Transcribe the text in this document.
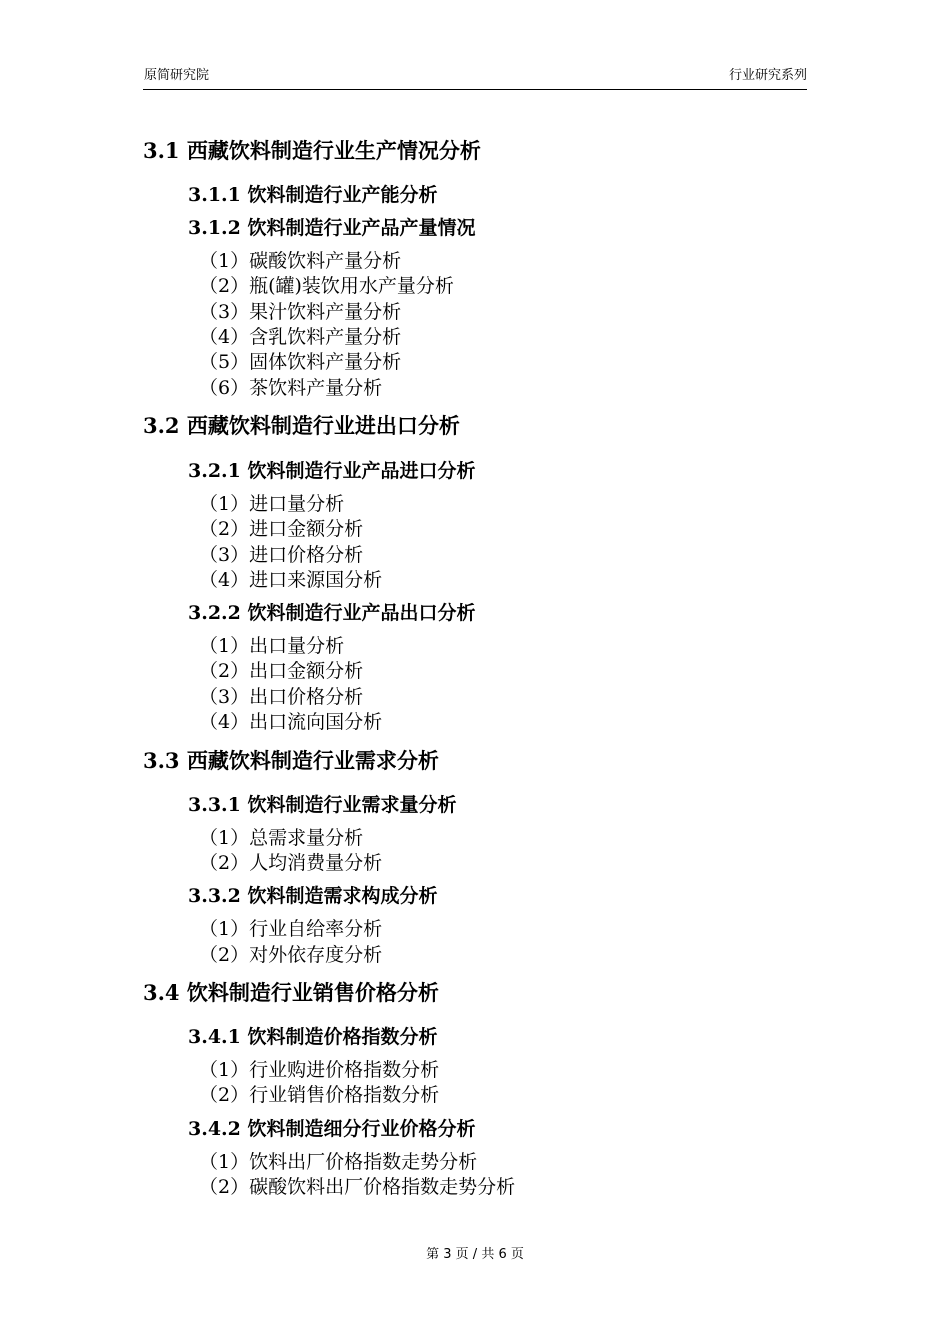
原简研究院	行业研究系列
3.1 西藏饮料制造行业生产情况分析
3.1.1 饮料制造行业产能分析
3.1.2 饮料制造行业产品产量情况
（1）碳酸饮料产量分析
（2）瓶(罐)装饮用水产量分析
（3）果汁饮料产量分析
（4）含乳饮料产量分析
（5）固体饮料产量分析
（6）茶饮料产量分析
3.2 西藏饮料制造行业进出口分析
3.2.1 饮料制造行业产品进口分析
（1）进口量分析
（2）进口金额分析
（3）进口价格分析
（4）进口来源国分析
3.2.2 饮料制造行业产品出口分析
（1）出口量分析
（2）出口金额分析
（3）出口价格分析
（4）出口流向国分析
3.3 西藏饮料制造行业需求分析
3.3.1 饮料制造行业需求量分析
（1）总需求量分析
（2）人均消费量分析
3.3.2 饮料制造需求构成分析
（1）行业自给率分析
（2）对外依存度分析
3.4 饮料制造行业销售价格分析
3.4.1 饮料制造价格指数分析
（1）行业购进价格指数分析
（2）行业销售价格指数分析
3.4.2 饮料制造细分行业价格分析
（1）饮料出厂价格指数走势分析
（2）碳酸饮料出厂价格指数走势分析
第 3 页 / 共 6 页
